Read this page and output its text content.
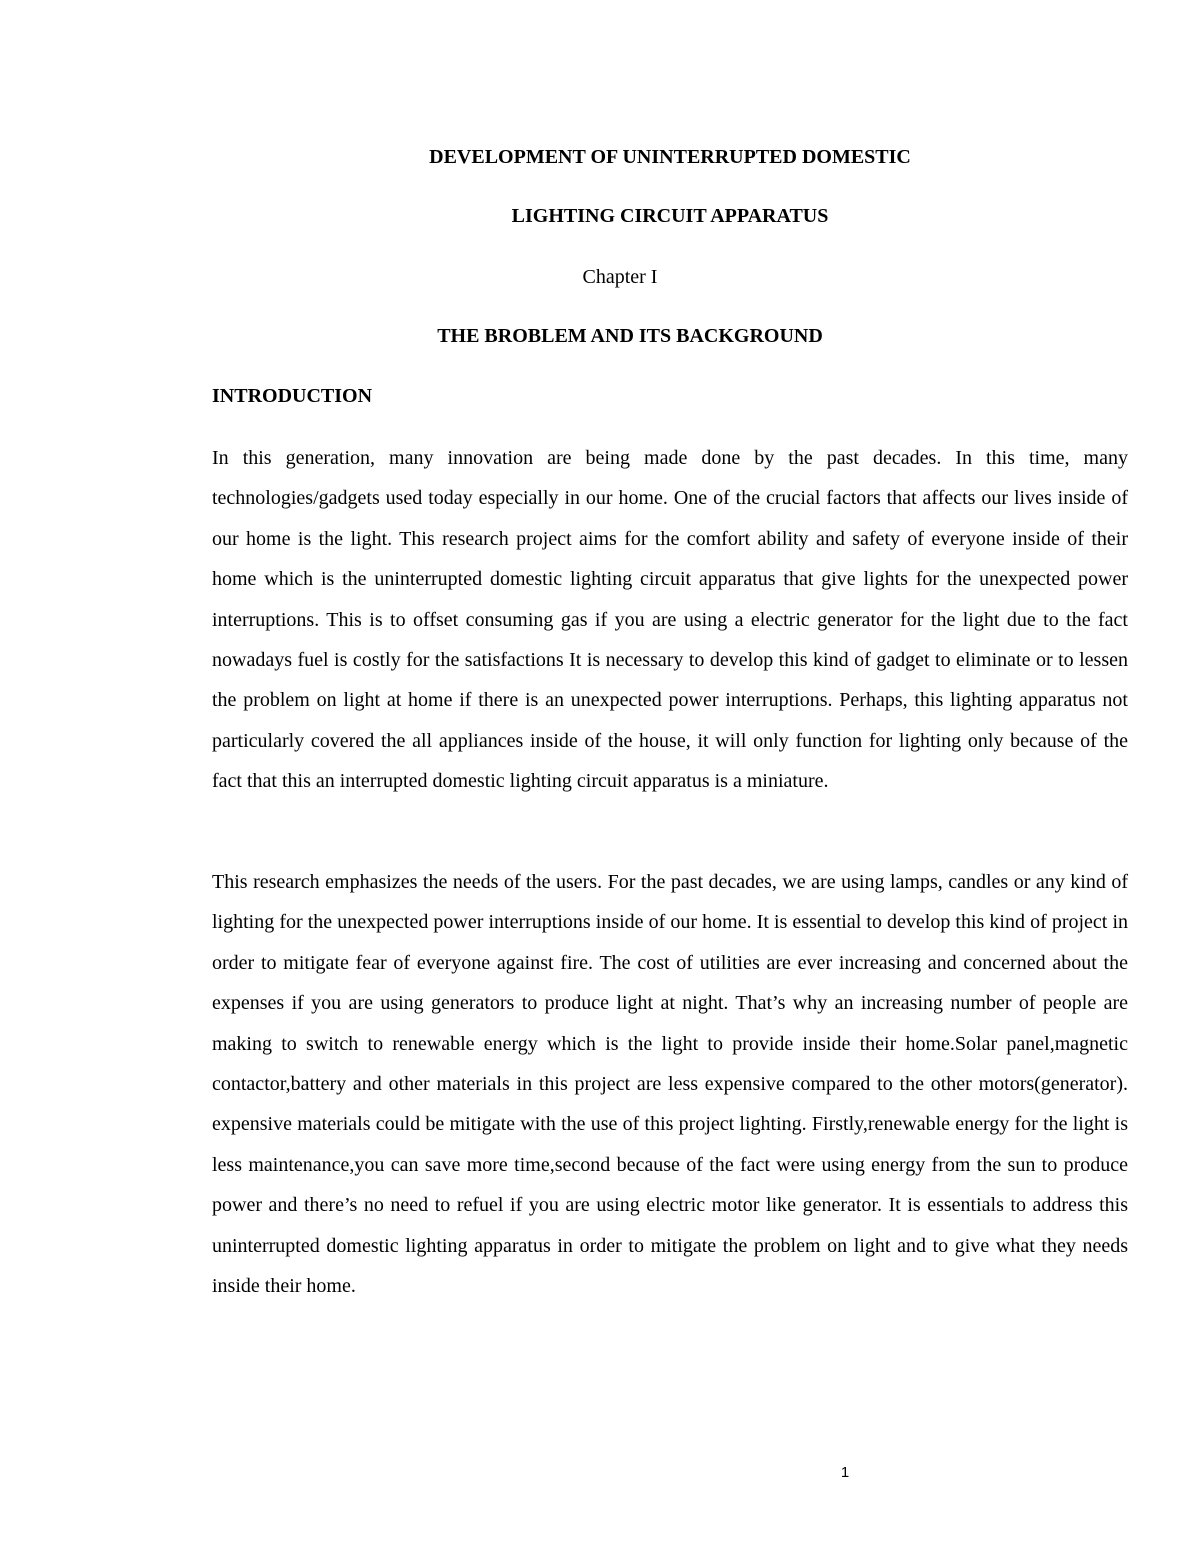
DEVELOPMENT OF UNINTERRUPTED DOMESTIC
LIGHTING CIRCUIT APPARATUS
Chapter I
THE BROBLEM AND ITS BACKGROUND
INTRODUCTION

In this generation, many innovation are being made done by the past decades. In this time, many technologies/gadgets used today especially in our home. One of the crucial factors that affects our lives inside of our home is the light. This research project aims for the comfort ability and safety of everyone inside of their home which is the uninterrupted domestic lighting circuit apparatus that give lights for the unexpected power interruptions. This is to offset consuming gas if you are using a electric generator for the light due to the fact nowadays fuel is costly for the satisfactions It is necessary to develop this kind of gadget to eliminate or to lessen the problem on light at home if there is an unexpected power interruptions. Perhaps, this lighting apparatus not particularly covered the all appliances inside of the house, it will only function for lighting only because of the fact that this an interrupted domestic lighting circuit apparatus is a miniature.

This research emphasizes the needs of the users. For the past decades, we are using lamps, candles or any kind of lighting for the unexpected power interruptions inside of our home. It is essential to develop this kind of project in order to mitigate fear of everyone against fire. The cost of utilities are ever increasing and concerned about the expenses if you are using generators to produce light at night. That’s why an increasing number of people are making to switch to renewable energy which is the light to provide inside their home.Solar panel,magnetic contactor,battery and other materials in this project are less expensive compared to the other motors(generator). expensive materials could be mitigate with the use of this project lighting. Firstly,renewable energy for the light is less maintenance,you can save more time,second because of the fact were using energy from the sun to produce power and there’s no need to refuel if you are using electric motor like generator. It is essentials to address this uninterrupted domestic lighting apparatus in order to mitigate the problem on light and to give what they needs inside their home.

1
